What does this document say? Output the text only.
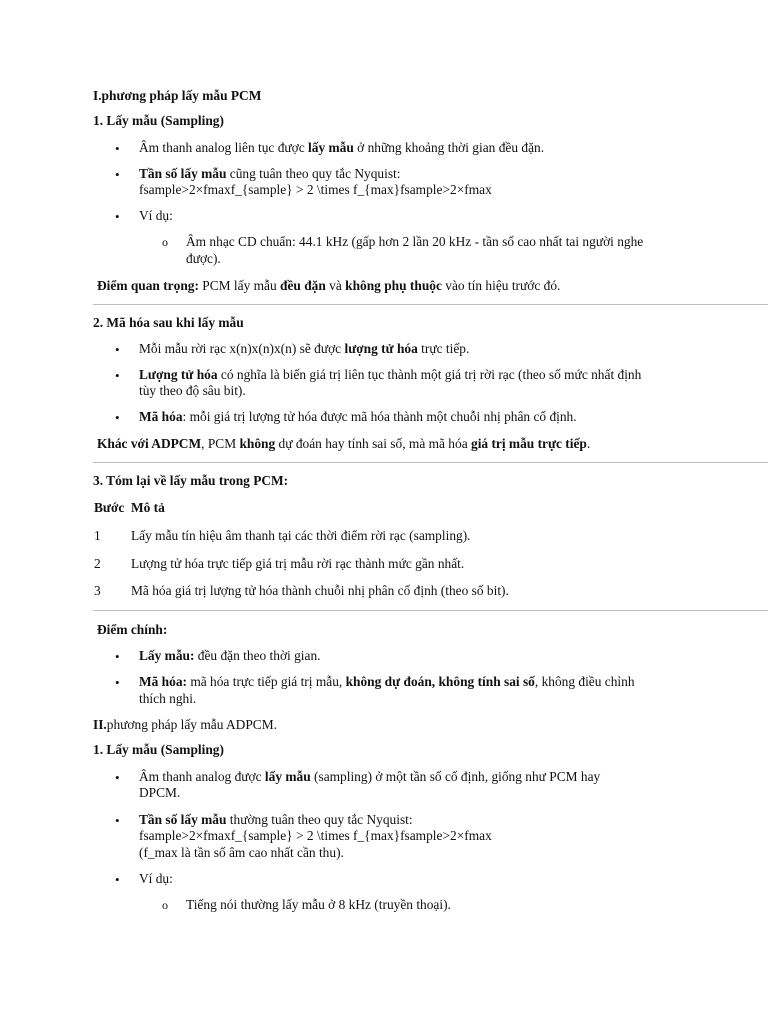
I.phương pháp lấy mẫu PCM
1. Lấy mẫu (Sampling)
• Âm thanh analog liên tục được lấy mẫu ở những khoảng thời gian đều đặn.
• Tần số lấy mẫu cũng tuân theo quy tắc Nyquist:
fsample>2×fmaxf_{sample} > 2 \times f_{max}fsample>2×fmax
• Ví dụ:
o Âm nhạc CD chuẩn: 44.1 kHz (gấp hơn 2 lần 20 kHz - tần số cao nhất tai người nghe
được).
Điểm quan trọng: PCM lấy mẫu đều đặn và không phụ thuộc vào tín hiệu trước đó.
2. Mã hóa sau khi lấy mẫu
• Mỗi mẫu rời rạc x(n)x(n)x(n) sẽ được lượng tử hóa trực tiếp.
• Lượng tử hóa có nghĩa là biến giá trị liên tục thành một giá trị rời rạc (theo số mức nhất định
tùy theo độ sâu bit).
• Mã hóa: mỗi giá trị lượng tử hóa được mã hóa thành một chuỗi nhị phân cố định.
Khác với ADPCM, PCM không dự đoán hay tính sai số, mà mã hóa giá trị mẫu trực tiếp.
3. Tóm lại về lấy mẫu trong PCM:
Bước Mô tả
1 Lấy mẫu tín hiệu âm thanh tại các thời điểm rời rạc (sampling).
2 Lượng tử hóa trực tiếp giá trị mẫu rời rạc thành mức gần nhất.
3 Mã hóa giá trị lượng tử hóa thành chuỗi nhị phân cố định (theo số bit).
Điểm chính:
• Lấy mẫu: đều đặn theo thời gian.
• Mã hóa: mã hóa trực tiếp giá trị mẫu, không dự đoán, không tính sai số, không điều chỉnh
thích nghi.
II.phương pháp lấy mẫu ADPCM.
1. Lấy mẫu (Sampling)
• Âm thanh analog được lấy mẫu (sampling) ở một tần số cố định, giống như PCM hay
DPCM.
• Tần số lấy mẫu thường tuân theo quy tắc Nyquist:
fsample>2×fmaxf_{sample} > 2 \times f_{max}fsample>2×fmax
(f_max là tần số âm cao nhất cần thu).
• Ví dụ:
o Tiếng nói thường lấy mẫu ở 8 kHz (truyền thoại).
